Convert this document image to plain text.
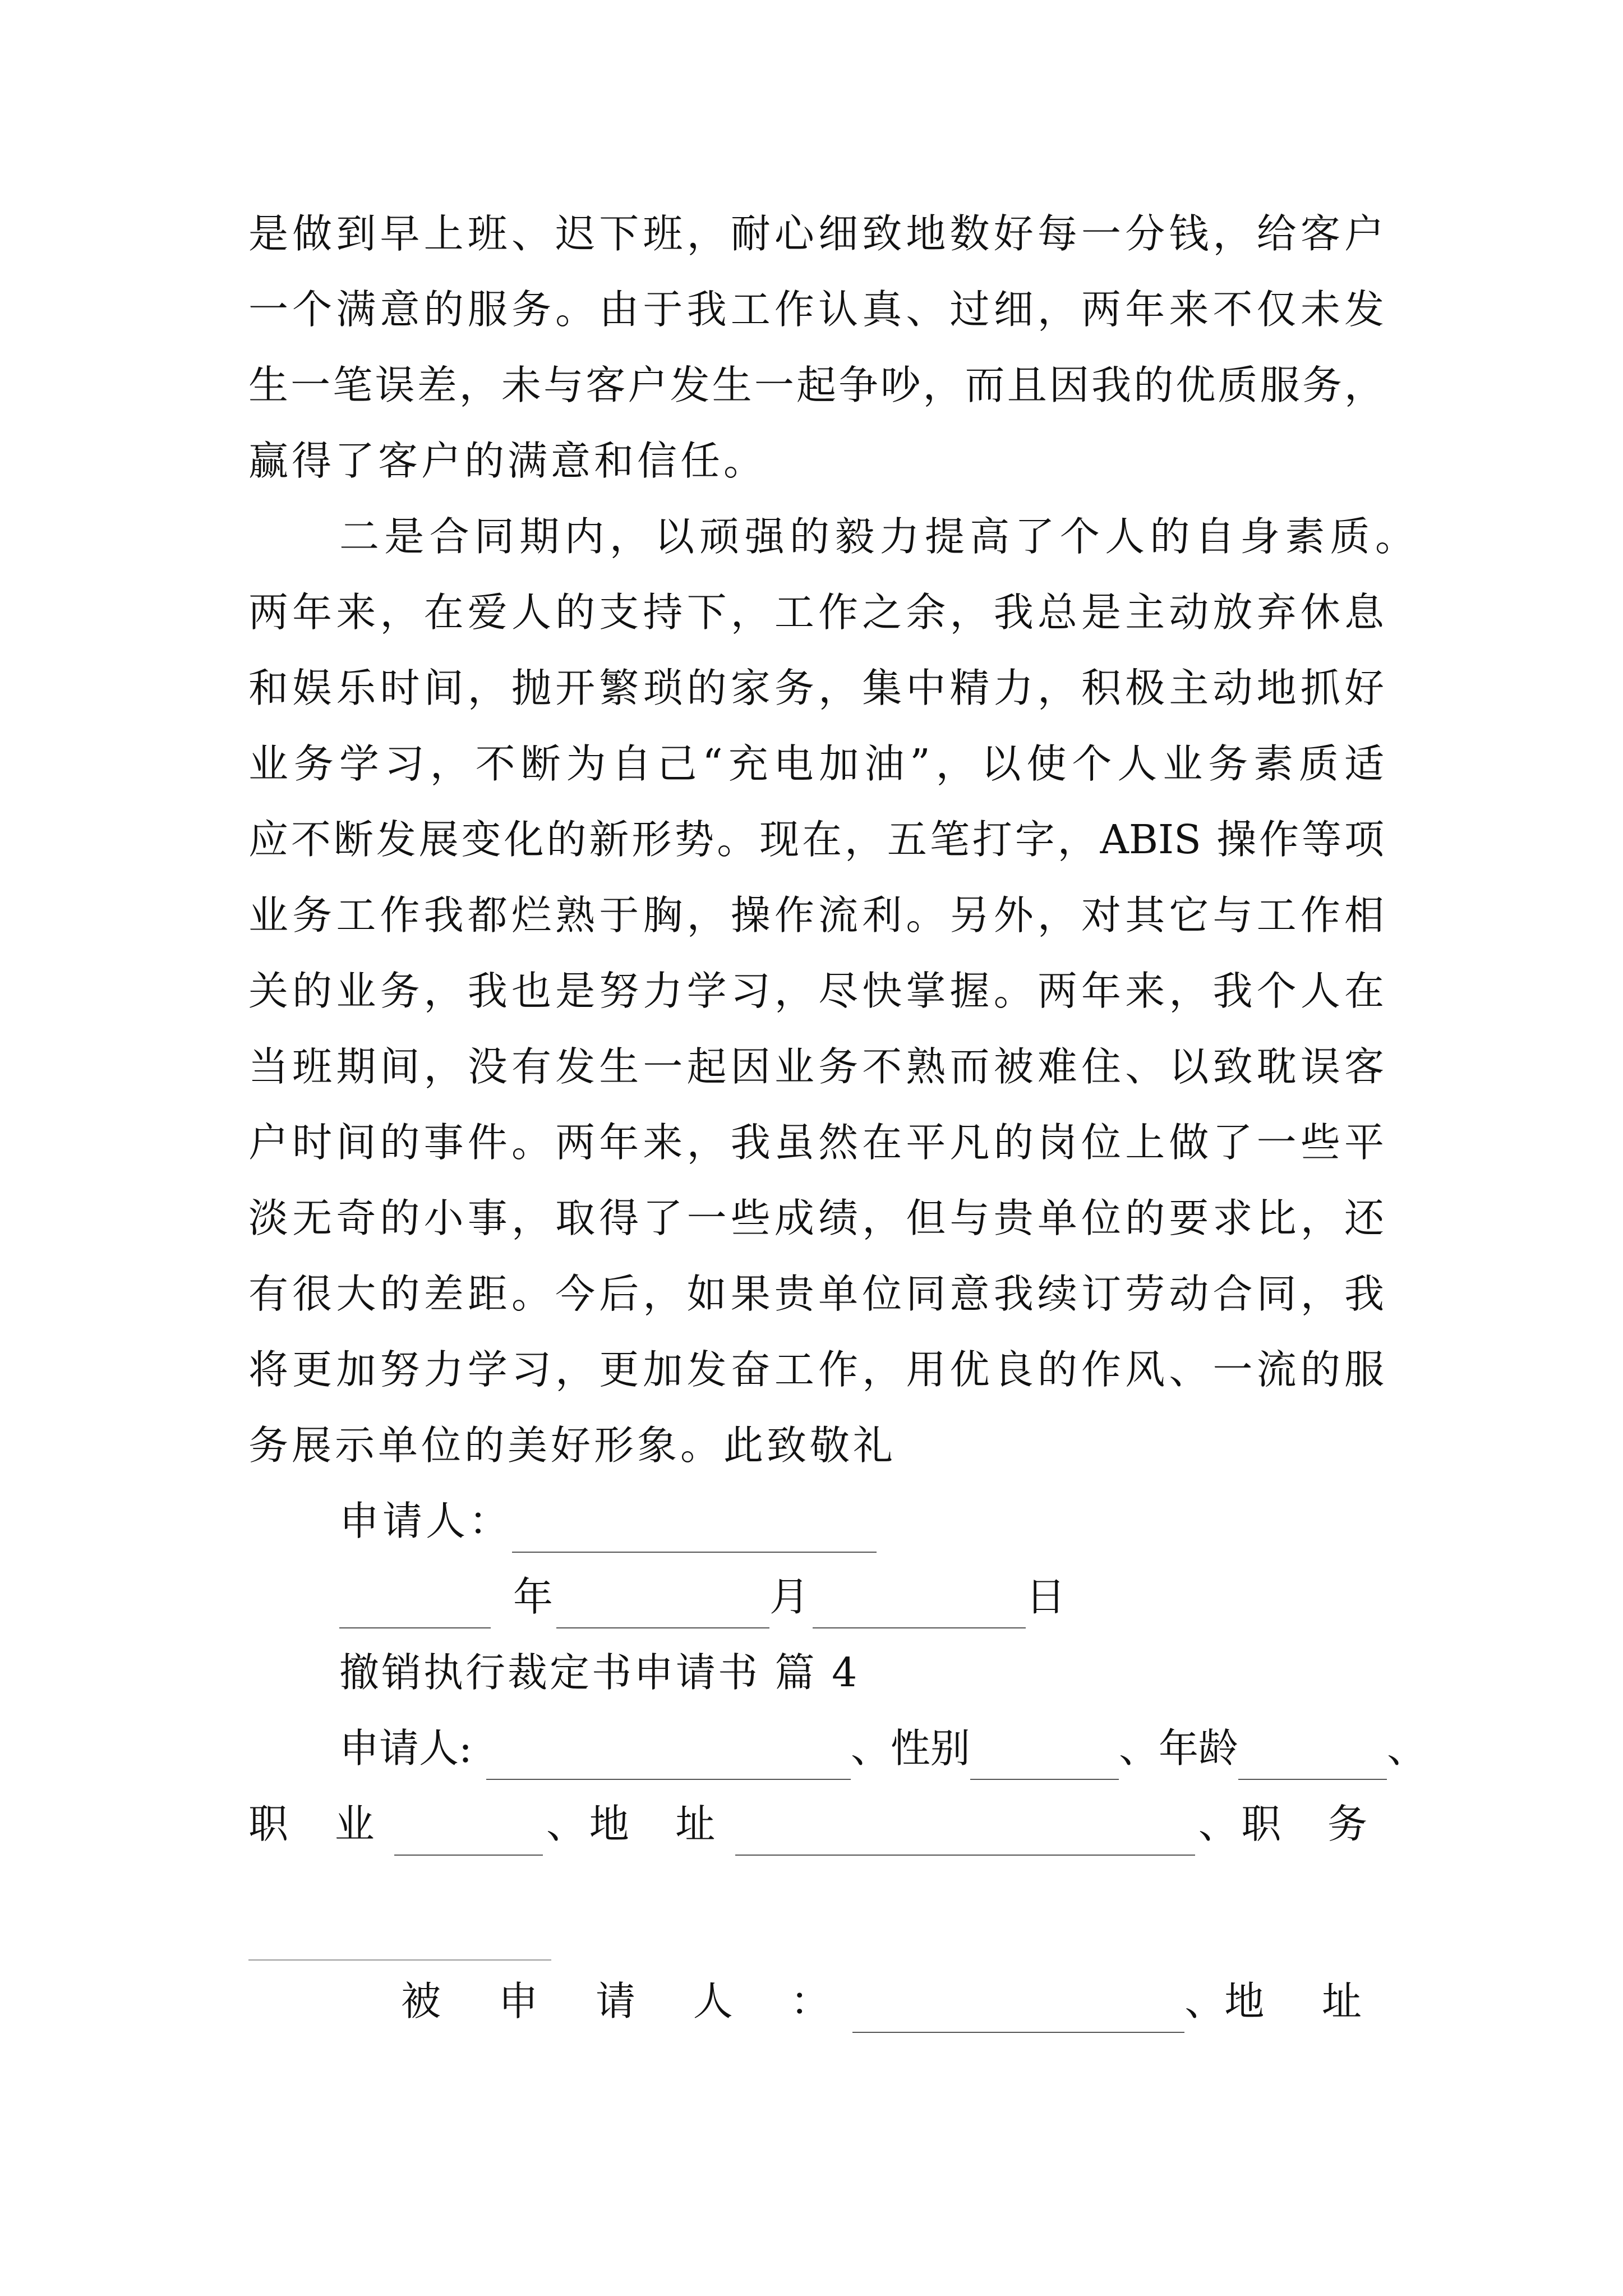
是做到早上班、迟下班，耐心细致地数好每一分钱，给客户
一个满意的服务。由于我工作认真、过细，两年来不仅未发
生一笔误差，未与客户发生一起争吵，而且因我的优质服务，
赢得了客户的满意和信任。
二是合同期内，以顽强的毅力提高了个人的自身素质。
两年来，在爱人的支持下，工作之余，我总是主动放弃休息
和娱乐时间，抛开繁琐的家务，集中精力，积极主动地抓好
业务学习，不断为自己“充电加油”，以使个人业务素质适
应不断发展变化的新形势。现在，五笔打字，ABIS 操作等项
业务工作我都烂熟于胸，操作流利。另外，对其它与工作相
关的业务，我也是努力学习，尽快掌握。两年来，我个人在
当班期间，没有发生一起因业务不熟而被难住、以致耽误客
户时间的事件。两年来，我虽然在平凡的岗位上做了一些平
淡无奇的小事，取得了一些成绩，但与贵单位的要求比，还
有很大的差距。今后，如果贵单位同意我续订劳动合同，我
将更加努力学习，更加发奋工作，用优良的作风、一流的服
务展示单位的美好形象。此致敬礼
申请人：
年	月	日
撤销执行裁定书申请书 篇 4
申请人:	、性别	、年龄	、
职 业	、 地 址	、 职 务
被 申 请 人 ：	、 地 址
